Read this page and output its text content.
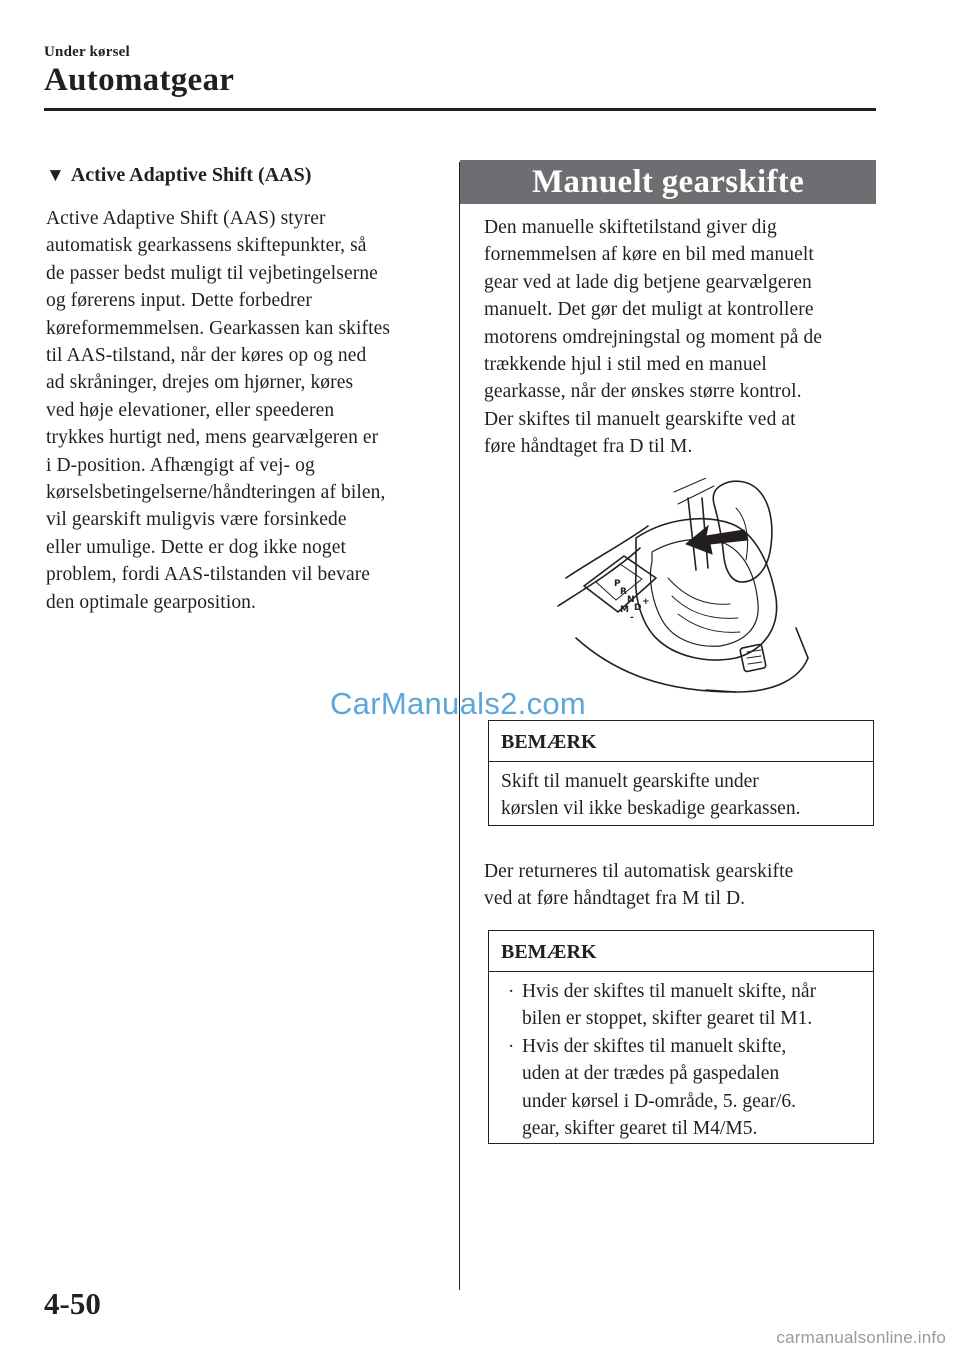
Under kørsel
Automatgear
▼ Active Adaptive Shift (AAS)
Active Adaptive Shift (AAS) styrer
automatisk gearkassens skiftepunkter, så
de passer bedst muligt til vejbetingelserne
og førerens input. Dette forbedrer
køreformemmelsen. Gearkassen kan skiftes
til AAS-tilstand, når der køres op og ned
ad skråninger, drejes om hjørner, køres
ved høje elevationer, eller speederen
trykkes hurtigt ned, mens gearvælgeren er
i D-position. Afhængigt af vej- og
kørselsbetingelserne/håndteringen af bilen,
vil gearskift muligvis være forsinkede
eller umulige. Dette er dog ikke noget
problem, fordi AAS-tilstanden vil bevare
den optimale gearposition.
Manuelt gearskifte
Den manuelle skiftetilstand giver dig
fornemmelsen af køre en bil med manuelt
gear ved at lade dig betjene gearvælgeren
manuelt. Det gør det muligt at kontrollere
motorens omdrejningstal og moment på de
trækkende hjul i stil med en manuel
gearkasse, når der ønskes større kontrol.
Der skiftes til manuelt gearskifte ved at
føre håndtaget fra D til M.
P
R
N
D
M
+
-
BEMÆRK
Skift til manuelt gearskifte under
kørslen vil ikke beskadige gearkassen.
Der returneres til automatisk gearskifte
ved at føre håndtaget fra M til D.
BEMÆRK
· Hvis der skiftes til manuelt skifte, når
bilen er stoppet, skifter gearet til M1.
· Hvis der skiftes til manuelt skifte,
uden at der trædes på gaspedalen
under kørsel i D-område, 5. gear/6.
gear, skifter gearet til M4/M5.
CarManuals2.com
4-50
carmanualsonline.info
